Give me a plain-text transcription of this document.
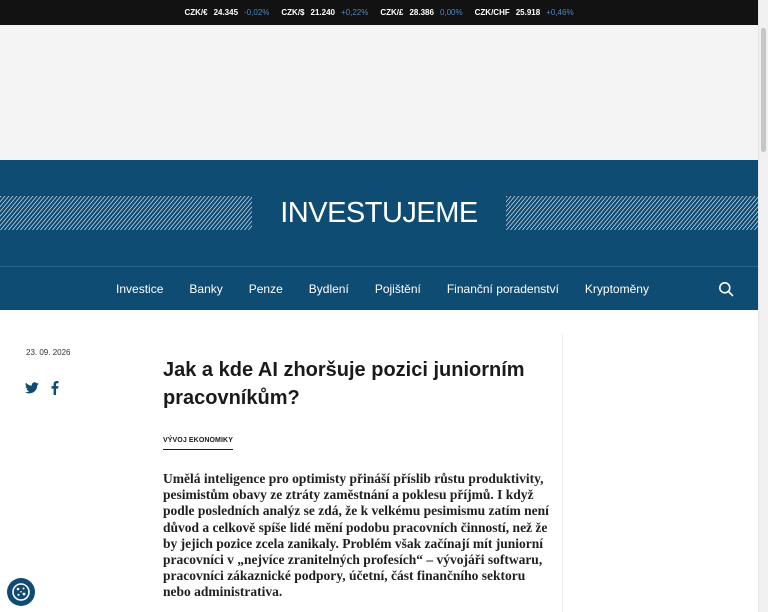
CZK/€ 24.345 -0,02% CZK/$ 21.240 +0,22% CZK/£ 28.386 0,00% CZK/CHF 25.918 +0,46%
INVESTUJEME
Investice Banky Penze Bydlení Pojištění Finanční poradenství Kryptoměny
23. 09. 2026
Jak a kde AI zhoršuje pozici juniorním pracovníkům?
VÝVOJ EKONOMIKY

Umělá inteligence pro optimisty přináší příslib růstu produktivity, pesimistům obavy ze ztráty zaměstnání a poklesu příjmů. I když podle posledních analýz se zdá, že k velkému pesimismu zatím není důvod a celkově spíše lidé mění podobu pracovních činností, než že by jejich pozice zcela zanikaly. Problém však začínají mít juniorní pracovníci v „nejvíce zranitelných profesích“ – vývojáři softwaru, pracovníci zákaznické podpory, účetní, část finančního sektoru nebo administrativa.
